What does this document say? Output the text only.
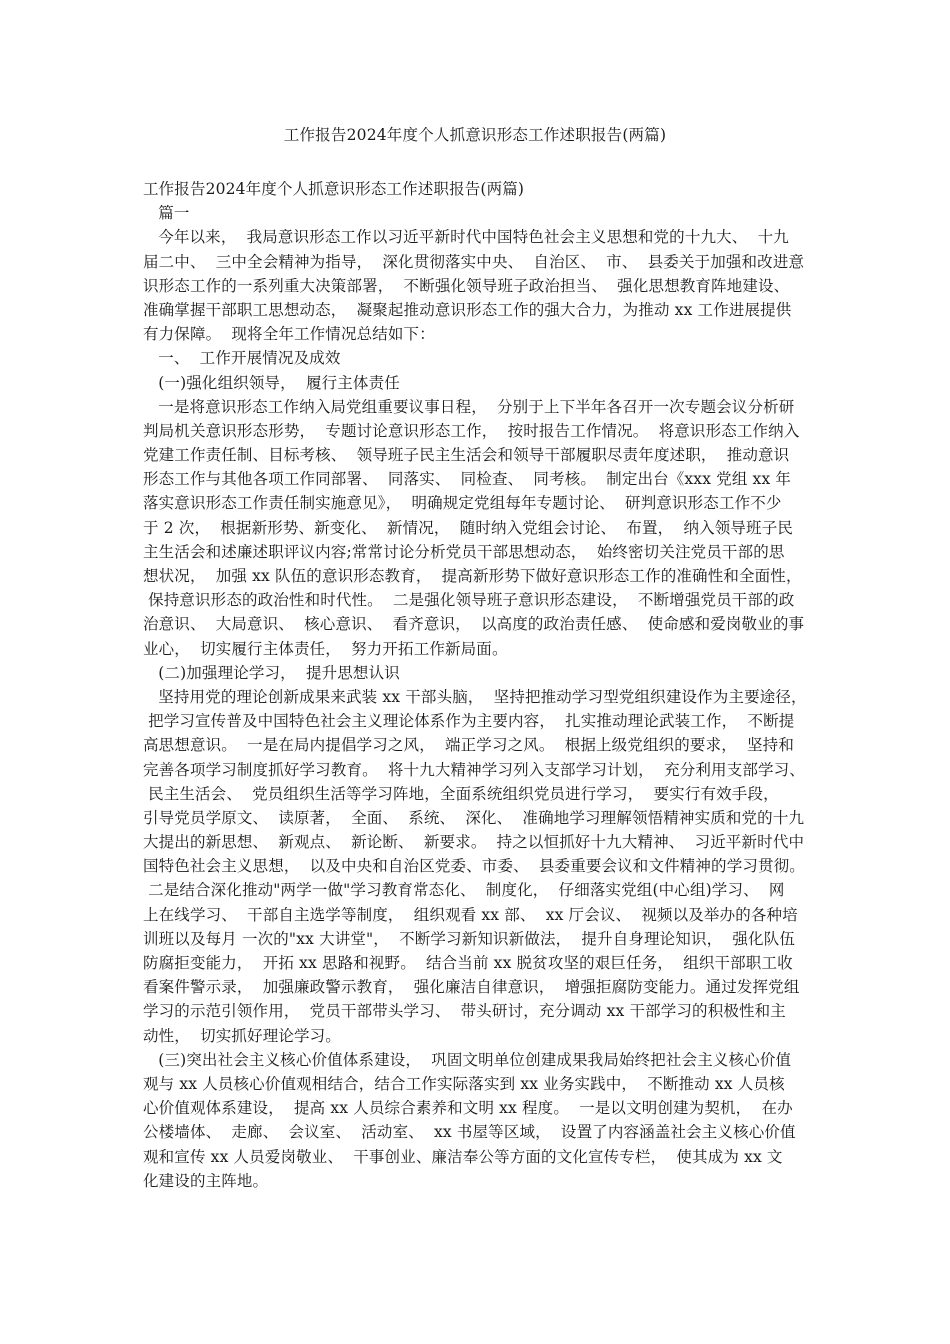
工作报告2024年度个人抓意识形态工作述职报告(两篇)
工作报告2024年度个人抓意识形态工作述职报告(两篇)
篇一
今年以来，  我局意识形态工作以习近平新时代中国特色社会主义思想和党的十九大、  十九
届二中、  三中全会精神为指导，  深化贯彻落实中央、  自治区、  市、  县委关于加强和改进意
识形态工作的一系列重大决策部署，  不断强化领导班子政治担当、  强化思想教育阵地建设、
准确掌握干部职工思想动态，  凝聚起推动意识形态工作的强大合力，为推动 xx 工作进展提供
有力保障。  现将全年工作情况总结如下：
一、  工作开展情况及成效
(一)强化组织领导，  履行主体责任
一是将意识形态工作纳入局党组重要议事日程，  分别于上下半年各召开一次专题会议分析研
判局机关意识形态形势，  专题讨论意识形态工作，  按时报告工作情况。  将意识形态工作纳入
党建工作责任制、目标考核、  领导班子民主生活会和领导干部履职尽责年度述职，  推动意识
形态工作与其他各项工作同部署、  同落实、  同检查、  同考核。  制定出台《xxx 党组 xx 年
落实意识形态工作责任制实施意见》，  明确规定党组每年专题讨论、  研判意识形态工作不少
于 2 次，  根据新形势、新变化、  新情况，  随时纳入党组会讨论、  布置，  纳入领导班子民
主生活会和述廉述职评议内容;常常讨论分析党员干部思想动态，  始终密切关注党员干部的思
想状况，  加强 xx 队伍的意识形态教育，  提高新形势下做好意识形态工作的准确性和全面性，
保持意识形态的政治性和时代性。  二是强化领导班子意识形态建设，  不断增强党员干部的政
治意识、  大局意识、  核心意识、  看齐意识，  以高度的政治责任感、  使命感和爱岗敬业的事
业心，  切实履行主体责任，  努力开拓工作新局面。
(二)加强理论学习，  提升思想认识
坚持用党的理论创新成果来武装 xx 干部头脑，  坚持把推动学习型党组织建设作为主要途径，
把学习宣传普及中国特色社会主义理论体系作为主要内容，  扎实推动理论武装工作，  不断提
高思想意识。  一是在局内提倡学习之风，  端正学习之风。  根据上级党组织的要求，  坚持和
完善各项学习制度抓好学习教育。  将十九大精神学习列入支部学习计划，  充分利用支部学习、
民主生活会、  党员组织生活等学习阵地，全面系统组织党员进行学习，  要实行有效手段，
引导党员学原文、  读原著，  全面、  系统、  深化、  准确地学习理解领悟精神实质和党的十九
大提出的新思想、  新观点、  新论断、  新要求。  持之以恒抓好十九大精神、  习近平新时代中
国特色社会主义思想，  以及中央和自治区党委、市委、  县委重要会议和文件精神的学习贯彻。
二是结合深化推动"两学一做"学习教育常态化、  制度化，  仔细落实党组(中心组)学习、  网
上在线学习、  干部自主选学等制度，  组织观看 xx 部、  xx 厅会议、  视频以及举办的各种培
训班以及每月 一次的"xx 大讲堂"，  不断学习新知识新做法，  提升自身理论知识，  强化队伍
防腐拒变能力，  开拓 xx 思路和视野。  结合当前 xx 脱贫攻坚的艰巨任务，  组织干部职工收
看案件警示录，  加强廉政警示教育，  强化廉洁自律意识，  增强拒腐防变能力。通过发挥党组
学习的示范引领作用，  党员干部带头学习、  带头研讨，充分调动 xx 干部学习的积极性和主
动性，  切实抓好理论学习。
(三)突出社会主义核心价值体系建设，  巩固文明单位创建成果我局始终把社会主义核心价值
观与 xx 人员核心价值观相结合，结合工作实际落实到 xx 业务实践中，  不断推动 xx 人员核
心价值观体系建设，  提高 xx 人员综合素养和文明 xx 程度。  一是以文明创建为契机，  在办
公楼墙体、  走廊、  会议室、  活动室、  xx 书屋等区域，  设置了内容涵盖社会主义核心价值
观和宣传 xx 人员爱岗敬业、  干事创业、廉洁奉公等方面的文化宣传专栏，  使其成为 xx 文
化建设的主阵地。
